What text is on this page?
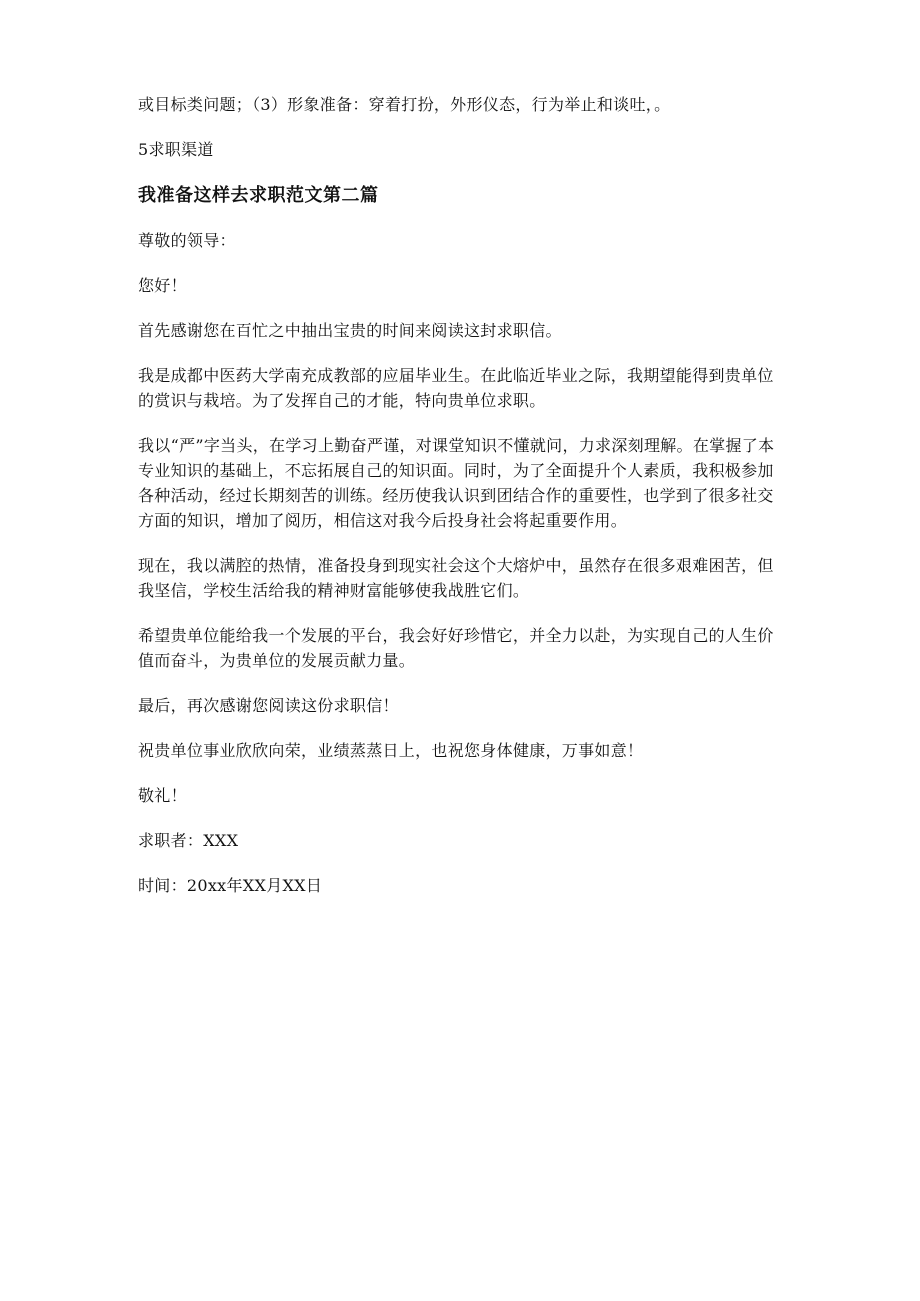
或目标类问题；（3）形象准备：穿着打扮，外形仪态，行为举止和谈吐，。

5求职渠道

我准备这样去求职范文第二篇

尊敬的领导：

您好！

首先感谢您在百忙之中抽出宝贵的时间来阅读这封求职信。

我是成都中医药大学南充成教部的应届毕业生。在此临近毕业之际，我期望能得到贵单位的赏识与栽培。为了发挥自己的才能，特向贵单位求职。

我以“严”字当头，在学习上勤奋严谨，对课堂知识不懂就问，力求深刻理解。在掌握了本专业知识的基础上，不忘拓展自己的知识面。同时，为了全面提升个人素质，我积极参加各种活动，经过长期刻苦的训练。经历使我认识到团结合作的重要性，也学到了很多社交方面的知识，增加了阅历，相信这对我今后投身社会将起重要作用。

现在，我以满腔的热情，准备投身到现实社会这个大熔炉中，虽然存在很多艰难困苦，但我坚信，学校生活给我的精神财富能够使我战胜它们。

希望贵单位能给我一个发展的平台，我会好好珍惜它，并全力以赴，为实现自己的人生价值而奋斗，为贵单位的发展贡献力量。

最后，再次感谢您阅读这份求职信！

祝贵单位事业欣欣向荣，业绩蒸蒸日上，也祝您身体健康，万事如意！

敬礼！

求职者：XXX

时间：20xx年XX月XX日
